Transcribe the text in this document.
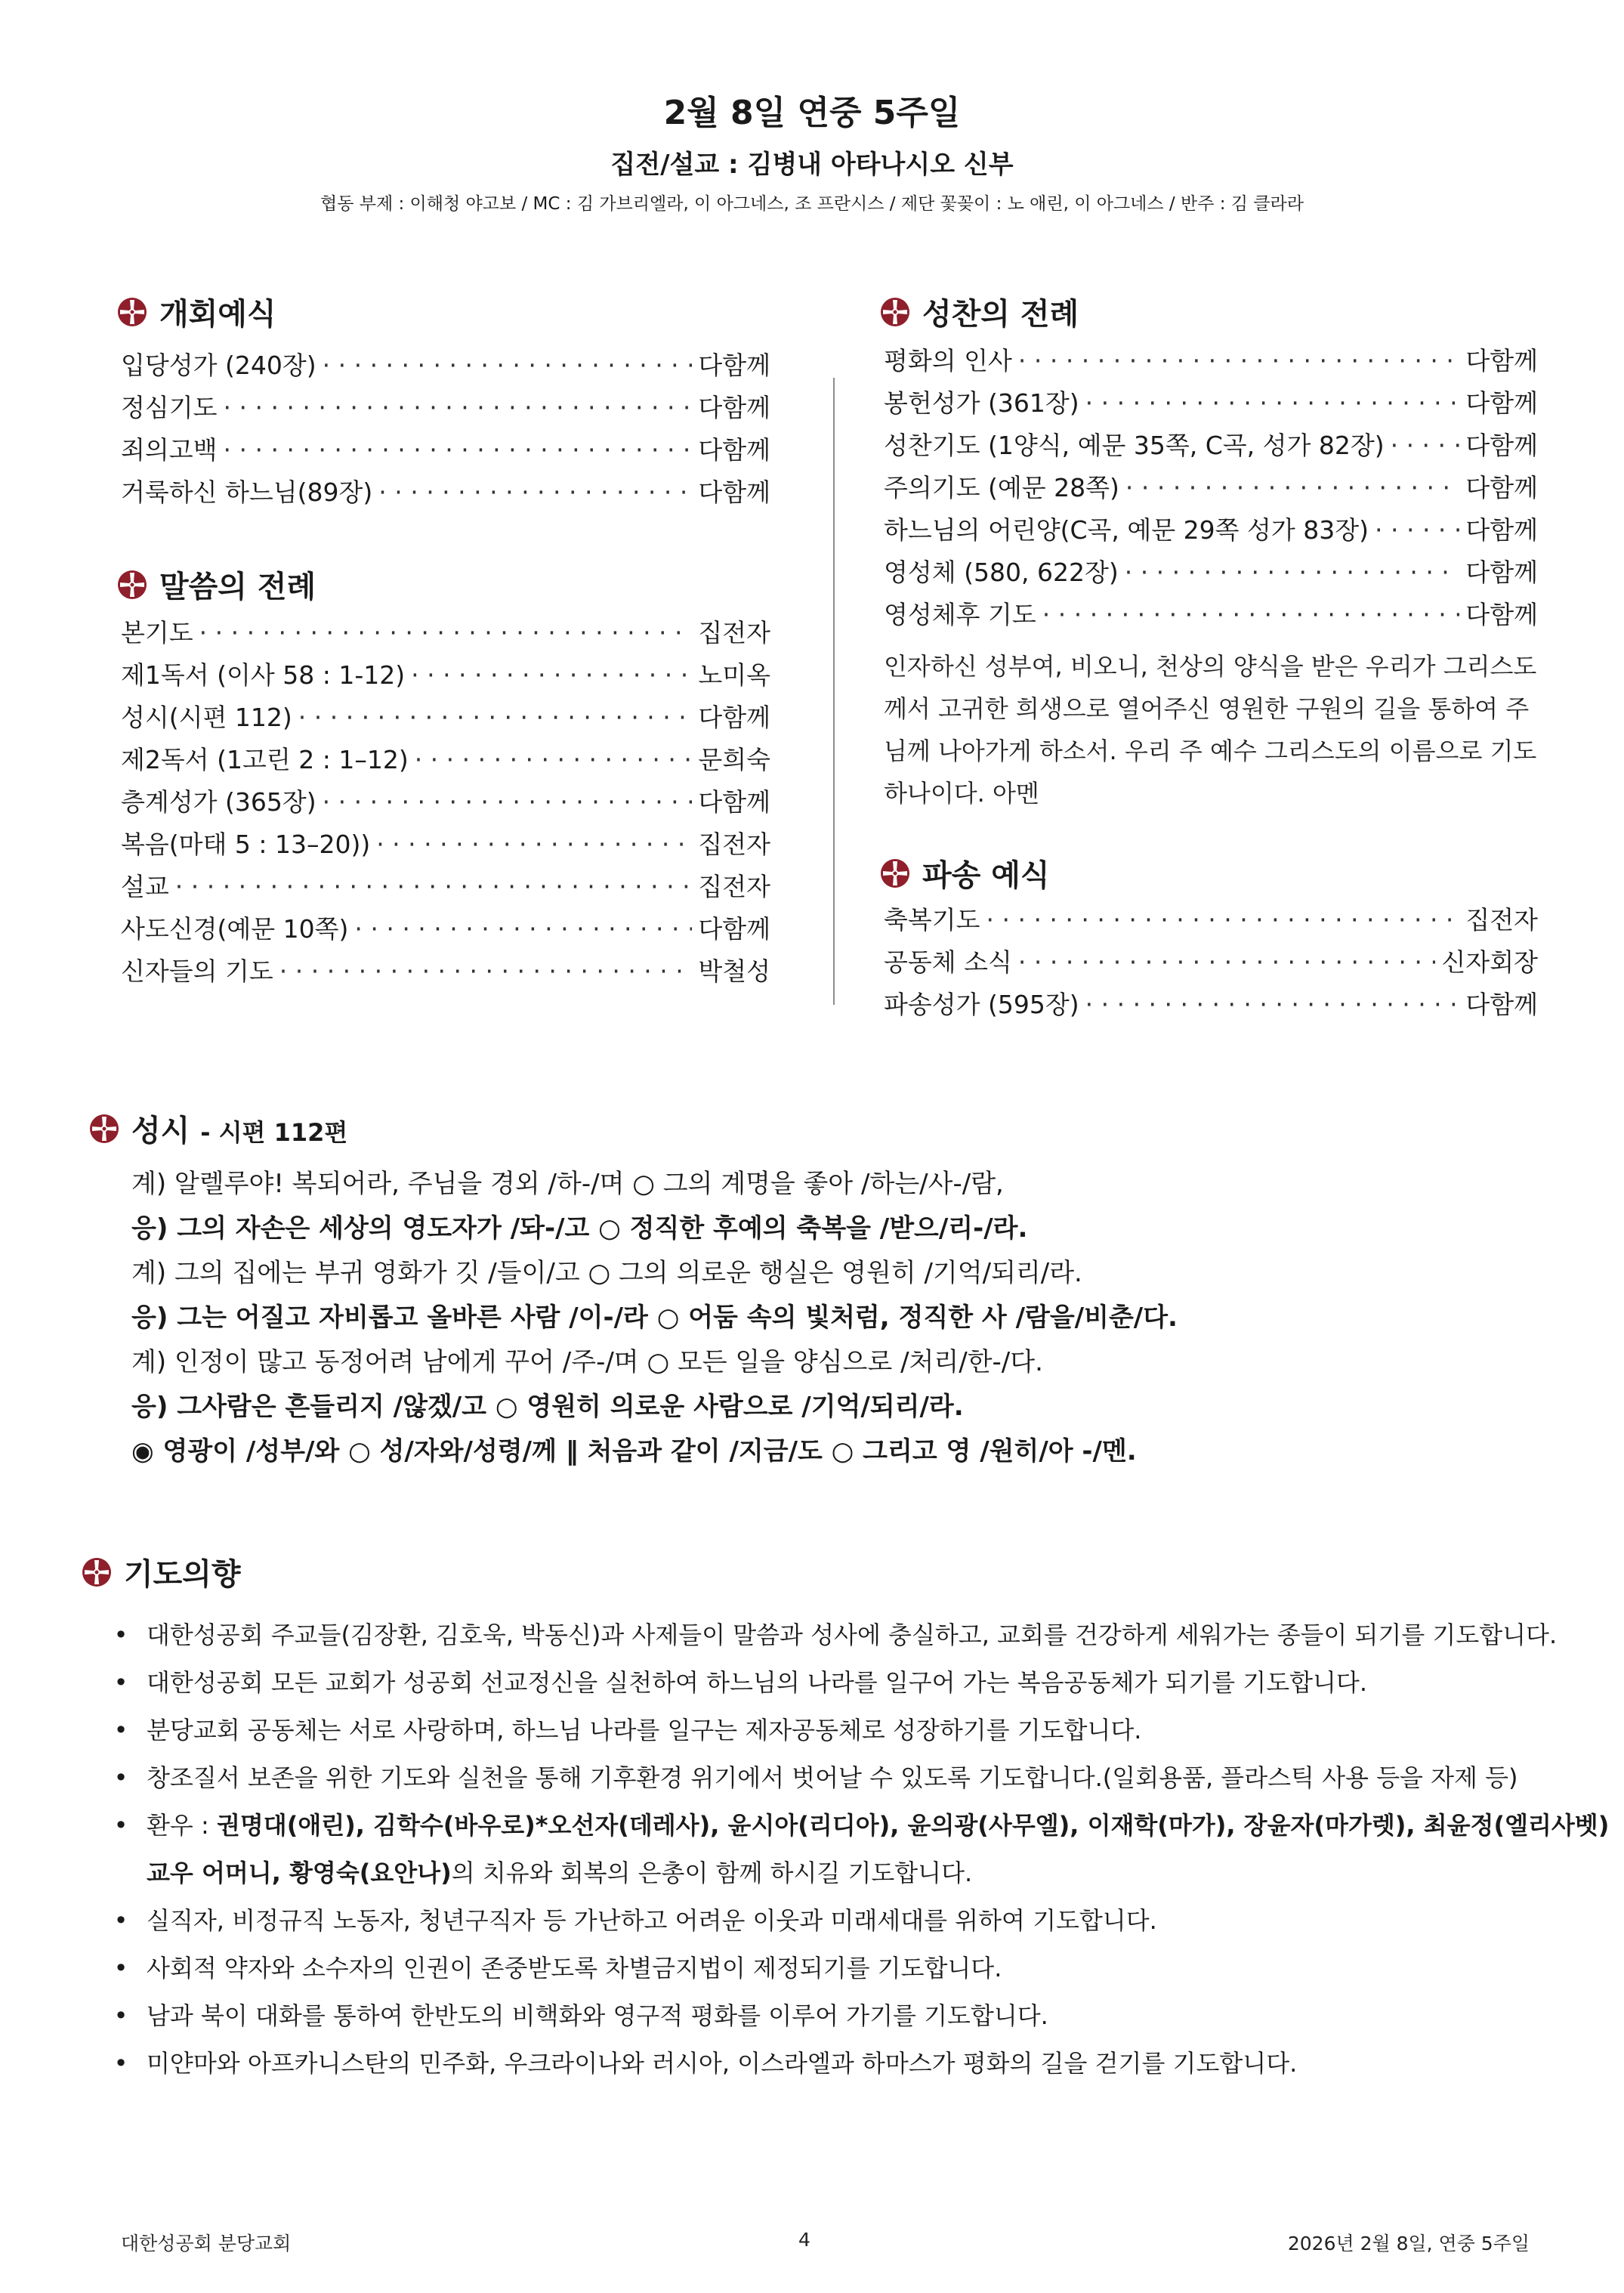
2월 8일 연중 5주일
집전/설교 : 김병내 아타나시오 신부
협동 부제 : 이해청 야고보 / MC : 김 가브리엘라, 이 아그네스, 조 프란시스 / 제단 꽃꽂이 : 노 애린, 이 아그네스 / 반주 : 김 클라라
개회예식
입당성가 (240장) · · ·	다함께
정심기도 · · ·	다함께
죄의고백 · · ·	다함께
거룩하신 하느님(89장) · · ·	다함께
말씀의 전례
본기도 · · ·	집전자
제1독서 (이사 58 : 1-12) · · ·	노미옥
성시(시편 112) · · ·	다함께
제2독서 (1고린 2 : 1–12) · · ·	문희숙
층계성가 (365장) · · ·	다함께
복음(마태 5 : 13–20)) · · ·	집전자
설교 · · ·	집전자
사도신경(예문 10쪽) · · ·	다함께
신자들의 기도 · · ·	박철성
성찬의 전례
평화의 인사 · · ·	다함께
봉헌성가 (361장) · · ·	다함께
성찬기도 (1양식, 예문 35쪽, C곡, 성가 82장) · · ·	다함께
주의기도 (예문 28쪽) · · ·	다함께
하느님의 어린양(C곡, 예문 29쪽 성가 83장) · · ·	다함께
영성체 (580, 622장) · · ·	다함께
영성체후 기도 · · ·	다함께
인자하신 성부여, 비오니, 천상의 양식을 받은 우리가 그리스도께서 고귀한 희생으로 열어주신 영원한 구원의 길을 통하여 주님께 나아가게 하소서. 우리 주 예수 그리스도의 이름으로 기도하나이다. 아멘
파송 예식
축복기도 · · ·	집전자
공동체 소식 · · ·	신자회장
파송성가 (595장) · · ·	다함께
성시 - 시편 112편
계) 알렐루야! 복되어라, 주님을 경외 /하-/며 ○ 그의 계명을 좋아 /하는/사-/람,
응) 그의 자손은 세상의 영도자가 /돠-/고 ○ 정직한 후예의 축복을 /받으/리-/라.
계) 그의 집에는 부귀 영화가 깃 /들이/고 ○ 그의 의로운 행실은 영원히 /기억/되리/라.
응) 그는 어질고 자비롭고 올바른 사람 /이-/라 ○ 어둠 속의 빛처럼, 정직한 사 /람을/비춘/다.
계) 인정이 많고 동정어려 남에게 꾸어 /주-/며 ○ 모든 일을 양심으로 /처리/한-/다.
응) 그사람은 흔들리지 /않겠/고 ○ 영원히 의로운 사람으로 /기억/되리/라.
◉ 영광이 /성부/와 ○ 성/자와/성령/께 ‖ 처음과 같이 /지금/도 ○ 그리고 영 /원히/아 -/멘.
기도의향
• 대한성공회 주교들(김장환, 김호욱, 박동신)과 사제들이 말씀과 성사에 충실하고, 교회를 건강하게 세워가는 종들이 되기를 기도합니다.
• 대한성공회 모든 교회가 성공회 선교정신을 실천하여 하느님의 나라를 일구어 가는 복음공동체가 되기를 기도합니다.
• 분당교회 공동체는 서로 사랑하며, 하느님 나라를 일구는 제자공동체로 성장하기를 기도합니다.
• 창조질서 보존을 위한 기도와 실천을 통해 기후환경 위기에서 벗어날 수 있도록 기도합니다.(일회용품, 플라스틱 사용 등을 자제 등)
• 환우 : 권명대(애린), 김학수(바우로)*오선자(데레사), 윤시아(리디아), 윤의광(사무엘), 이재학(마가), 장윤자(마가렛), 최윤정(엘리사벳)
교우 어머니, 황영숙(요안나)의 치유와 회복의 은총이 함께 하시길 기도합니다.
• 실직자, 비정규직 노동자, 청년구직자 등 가난하고 어려운 이웃과 미래세대를 위하여 기도합니다.
• 사회적 약자와 소수자의 인권이 존중받도록 차별금지법이 제정되기를 기도합니다.
• 남과 북이 대화를 통하여 한반도의 비핵화와 영구적 평화를 이루어 가기를 기도합니다.
• 미얀마와 아프카니스탄의 민주화, 우크라이나와 러시아, 이스라엘과 하마스가 평화의 길을 걷기를 기도합니다.
대한성공회 분당교회	4	2026년 2월 8일, 연중 5주일
